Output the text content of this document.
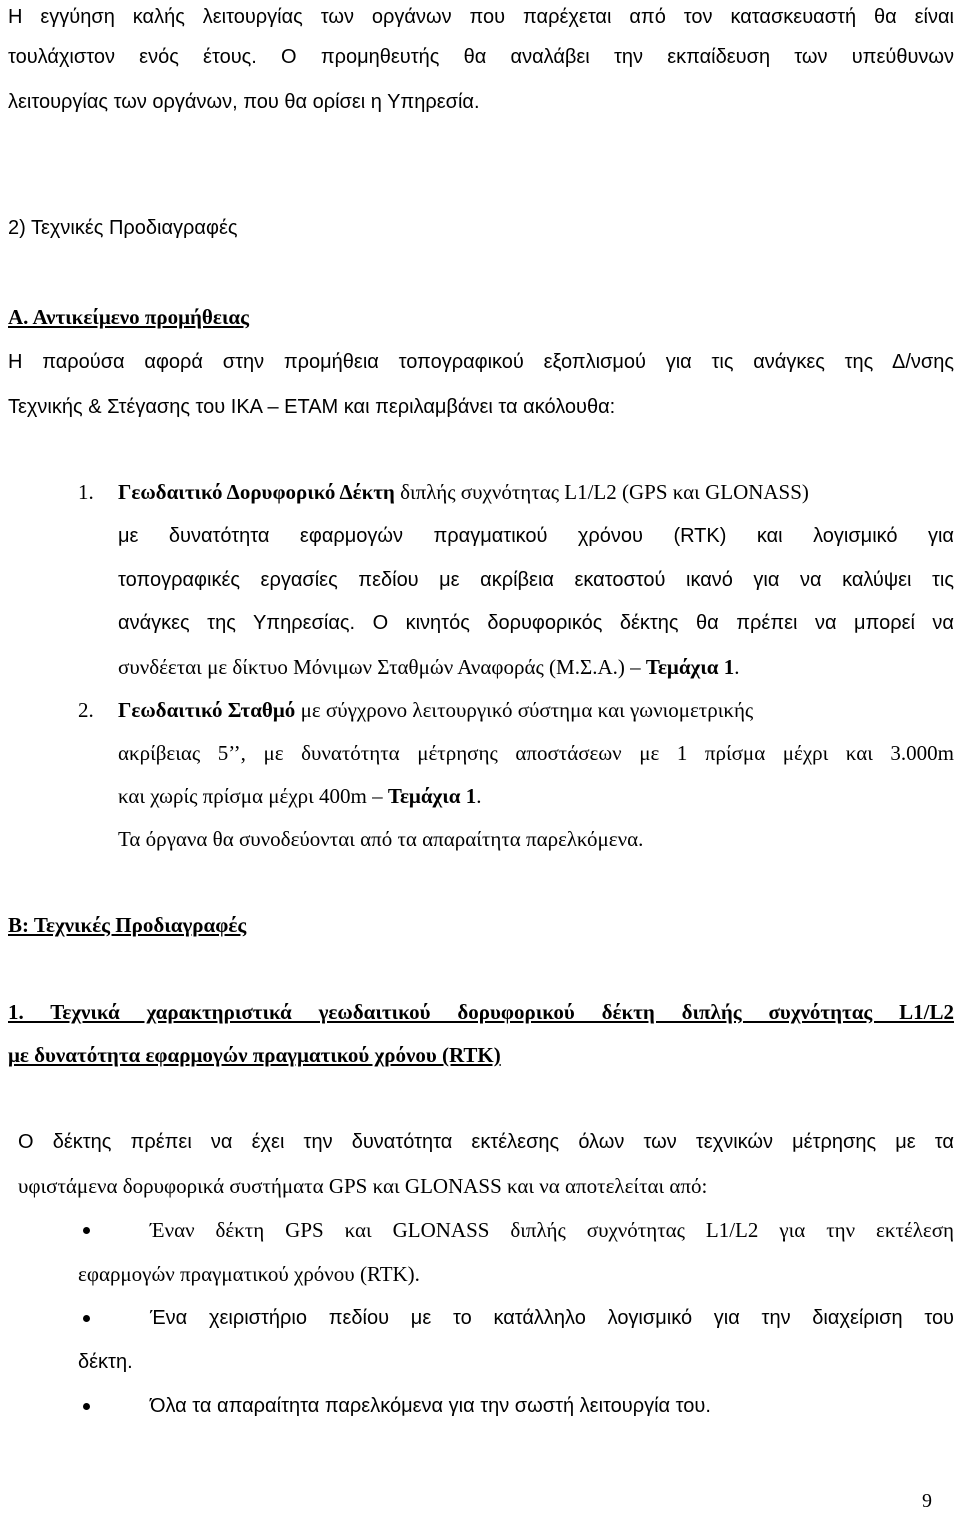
Η εγγύηση καλής λειτουργίας των οργάνων που παρέχεται από τον κατασκευαστή θα είναι
τουλάχιστον ενός έτους. Ο προμηθευτής θα αναλάβει την εκπαίδευση των υπεύθυνων
λειτουργίας των οργάνων, που θα ορίσει η Υπηρεσία.
2) Τεχνικές Προδιαγραφές
Α. Αντικείμενο προμήθειας
Η παρούσα αφορά στην προμήθεια τοπογραφικού εξοπλισμού για τις ανάγκες της Δ/νσης
Τεχνικής & Στέγασης του ΙΚΑ – ΕΤΑΜ και περιλαμβάνει τα ακόλουθα:
1. Γεωδαιτικό Δορυφορικό Δέκτη διπλής συχνότητας L1/L2 (GPS και GLONASS)
με δυνατότητα εφαρμογών πραγματικού χρόνου (RTK) και λογισμικό για
τοπογραφικές εργασίες πεδίου με ακρίβεια εκατοστού ικανό για να καλύψει τις
ανάγκες της Υπηρεσίας. Ο κινητός δορυφορικός δέκτης θα πρέπει να μπορεί να
συνδέεται με δίκτυο Μόνιμων Σταθμών Αναφοράς (Μ.Σ.Α.) – Τεμάχια 1.
2. Γεωδαιτικό Σταθμό με σύγχρονο λειτουργικό σύστημα και γωνιομετρικής
ακρίβειας 5’’, με δυνατότητα μέτρησης αποστάσεων με 1 πρίσμα μέχρι και 3.000m
και χωρίς πρίσμα μέχρι 400m – Τεμάχια 1.
Τα όργανα θα συνοδεύονται από τα απαραίτητα παρελκόμενα.
Β: Τεχνικές Προδιαγραφές
1. Τεχνικά χαρακτηριστικά γεωδαιτικού δορυφορικού δέκτη διπλής συχνότητας L1/L2
με δυνατότητα εφαρμογών πραγματικού χρόνου (RTK)
Ο δέκτης πρέπει να έχει την δυνατότητα εκτέλεσης όλων των τεχνικών μέτρησης με τα
υφιστάμενα δορυφορικά συστήματα GPS και GLONASS και να αποτελείται από:
Έναν δέκτη GPS και GLONASS διπλής συχνότητας L1/L2 για την εκτέλεση
εφαρμογών πραγματικού χρόνου (RTK).
Ένα χειριστήριο πεδίου με το κατάλληλο λογισμικό για την διαχείριση του
δέκτη.
Όλα τα απαραίτητα παρελκόμενα για την σωστή λειτουργία του.
9
